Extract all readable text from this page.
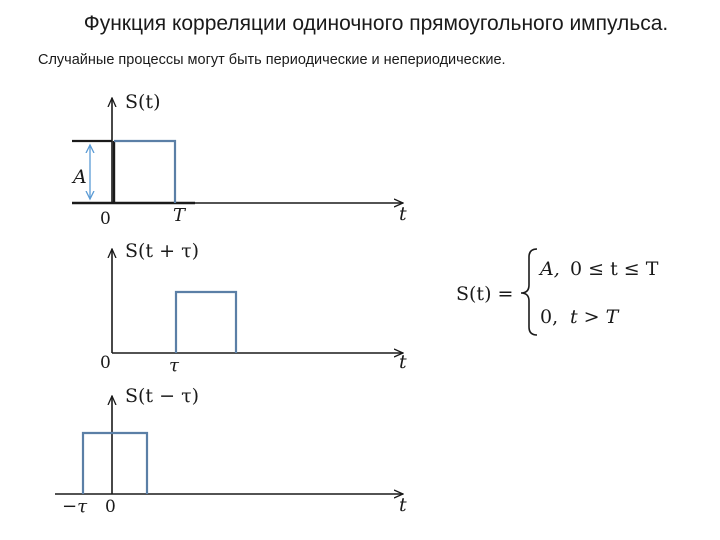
Функция корреляции одиночного прямоугольного импульса.
Случайные процессы могут быть периодические и непериодические.
A
S(t)
0	T	t
S(t + τ)
0	τ	t
S(t − τ)
−τ 0	t
S(t) =
A, 0 ≤ t ≤ T
0, t > T
